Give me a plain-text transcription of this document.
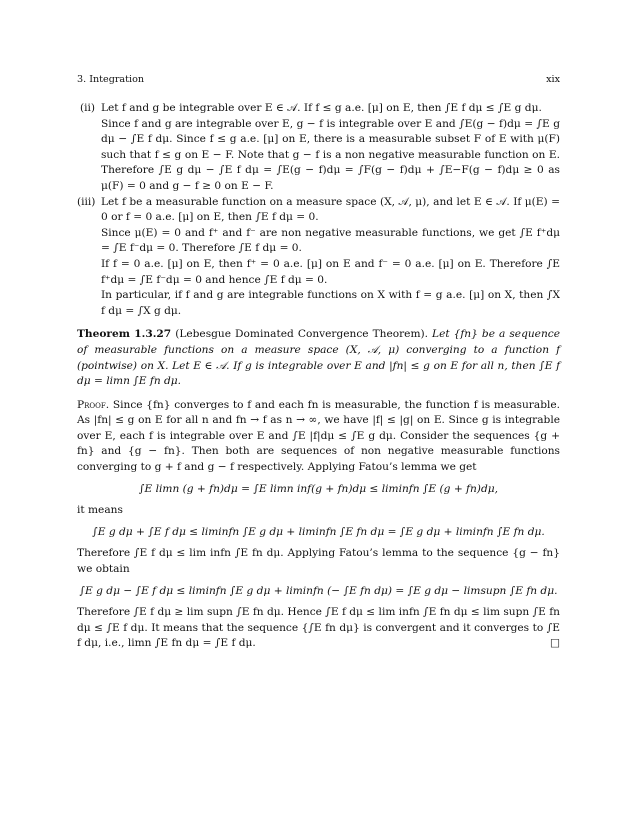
3. Integration	xix
(ii) Let f and g be integrable over E ∈ 𝒜. If f ≤ g a.e. [μ] on E, then ∫E f dμ ≤ ∫E g dμ.

Since f and g are integrable over E, g − f is integrable over E and ∫E(g − f)dμ = ∫E g dμ − ∫E f dμ. Since f ≤ g a.e. [μ] on E, there is a measurable subset F of E with μ(F) such that f ≤ g on E − F. Note that g − f is a non negative measurable function on E. Therefore ∫E g dμ − ∫E f dμ = ∫E(g − f)dμ = ∫F(g − f)dμ + ∫E−F(g − f)dμ ≥ 0 as μ(F) = 0 and g − f ≥ 0 on E − F.

(iii) Let f be a measurable function on a measure space (X, 𝒜, μ), and let E ∈ 𝒜. If μ(E) = 0 or f = 0 a.e. [μ] on E, then ∫E f dμ = 0.

Since μ(E) = 0 and f⁺ and f⁻ are non negative measurable functions, we get ∫E f⁺dμ = ∫E f⁻dμ = 0. Therefore ∫E f dμ = 0.

If f = 0 a.e. [μ] on E, then f⁺ = 0 a.e. [μ] on E and f⁻ = 0 a.e. [μ] on E. Therefore ∫E f⁺dμ = ∫E f⁻dμ = 0 and hence ∫E f dμ = 0.

In particular, if f and g are integrable functions on X with f = g a.e. [μ] on X, then ∫X f dμ = ∫X g dμ.

Theorem 1.3.27 (Lebesgue Dominated Convergence Theorem). Let {fn} be a sequence of measurable functions on a measure space (X, 𝒜, μ) converging to a function f (pointwise) on X. Let E ∈ 𝒜. If g is integrable over E and |fn| ≤ g on E for all n, then ∫E f dμ = limn ∫E fn dμ.

Proof. Since {fn} converges to f and each fn is measurable, the function f is measurable. As |fn| ≤ g on E for all n and fn → f as n → ∞, we have |f| ≤ |g| on E. Since g is integrable over E, each f is integrable over E and ∫E |f|dμ ≤ ∫E g dμ. Consider the sequences {g + fn} and {g − fn}. Then both are sequences of non negative measurable functions converging to g + f and g − f respectively. Applying Fatou’s lemma we get

∫E limn (g + fn)dμ = ∫E limn inf(g + fn)dμ ≤ liminfn ∫E (g + fn)dμ,

it means

∫E g dμ + ∫E f dμ ≤ liminfn ∫E g dμ + liminfn ∫E fn dμ = ∫E g dμ + liminfn ∫E fn dμ.

Therefore ∫E f dμ ≤ lim infn ∫E fn dμ. Applying Fatou’s lemma to the sequence {g − fn} we obtain

∫E g dμ − ∫E f dμ ≤ liminfn ∫E g dμ + liminfn (− ∫E fn dμ) = ∫E g dμ − limsupn ∫E fn dμ.

Therefore ∫E f dμ ≥ lim supn ∫E fn dμ. Hence ∫E f dμ ≤ lim infn ∫E fn dμ ≤ lim supn ∫E fn dμ ≤ ∫E f dμ. It means that the sequence {∫E fn dμ} is convergent and it converges to ∫E f dμ, i.e., limn ∫E fn dμ = ∫E f dμ.	□
